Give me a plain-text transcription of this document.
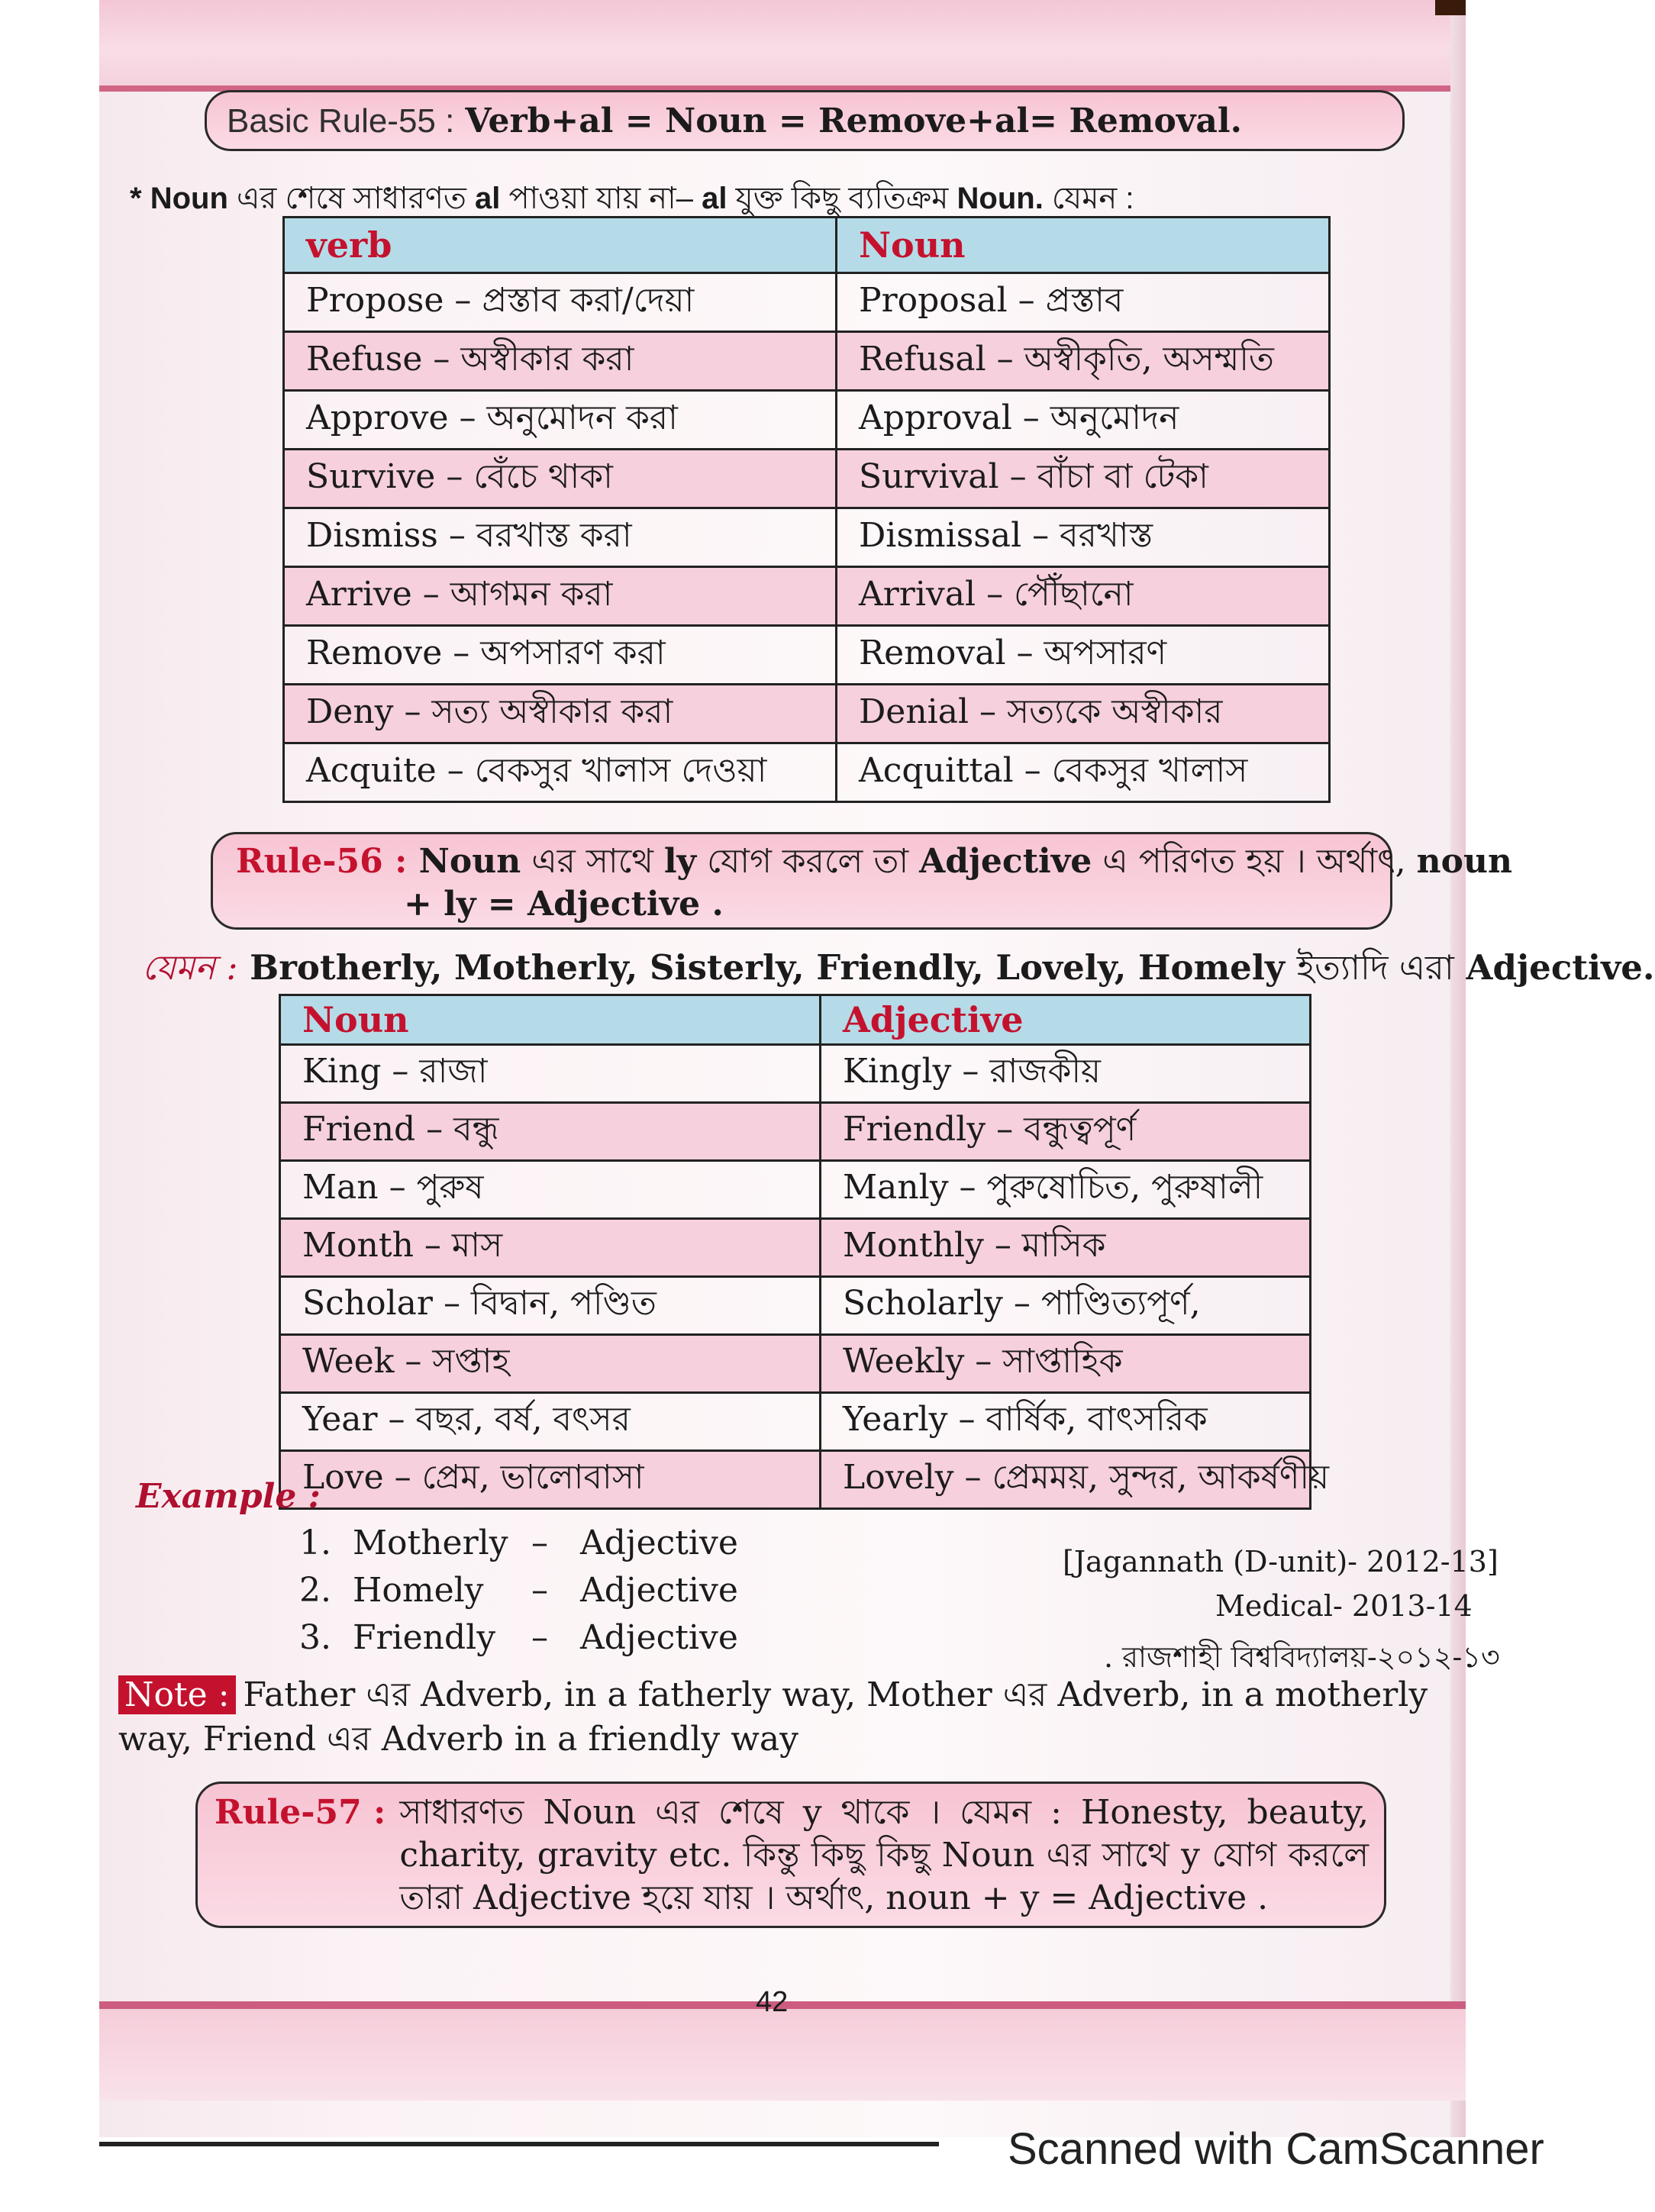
Basic Rule-55 : Verb+al = Noun = Remove+al= Removal.
* Noun এর শেষে সাধারণত al পাওয়া যায় না– al যুক্ত কিছু ব্যতিক্রম Noun. যেমন :
verb	Noun
Propose – প্রস্তাব করা/দেয়া	Proposal – প্রস্তাব
Refuse – অস্বীকার করা	Refusal – অস্বীকৃতি, অসম্মতি
Approve – অনুমোদন করা	Approval – অনুমোদন
Survive – বেঁচে থাকা	Survival – বাঁচা বা টেকা
Dismiss – বরখাস্ত করা	Dismissal – বরখাস্ত
Arrive – আগমন করা	Arrival – পৌঁছানো
Remove – অপসারণ করা	Removal – অপসারণ
Deny – সত্য অস্বীকার করা	Denial – সত্যকে অস্বীকার
Acquite – বেকসুর খালাস দেওয়া	Acquittal – বেকসুর খালাস
Rule-56 : Noun এর সাথে ly যোগ করলে তা Adjective এ পরিণত হয় । অর্থাৎ, noun
+ ly = Adjective .
যেমন : Brotherly, Motherly, Sisterly, Friendly, Lovely, Homely ইত্যাদি এরা Adjective.
Noun	Adjective
King – রাজা	Kingly – রাজকীয়
Friend – বন্ধু	Friendly – বন্ধুত্বপূর্ণ
Man – পুরুষ	Manly – পুরুষোচিত, পুরুষালী
Month – মাস	Monthly – মাসিক
Scholar – বিদ্বান, পণ্ডিত	Scholarly – পাণ্ডিত্যপূর্ণ,
Week – সপ্তাহ	Weekly – সাপ্তাহিক
Year – বছর, বর্ষ, বৎসর	Yearly – বার্ষিক, বাৎসরিক
Love – প্রেম, ভালোবাসা	Lovely – প্রেমময়, সুন্দর, আকর্ষণীয়
Example :
1. Motherly – Adjective
2. Homely – Adjective
3. Friendly – Adjective
[Jagannath (D-unit)- 2012-13]
Medical- 2013-14
. রাজশাহী বিশ্ববিদ্যালয়-২০১২-১৩
Note : Father এর Adverb, in a fatherly way, Mother এর Adverb, in a motherly way, Friend এর Adverb in a friendly way
Rule-57 : সাধারণত Noun এর শেষে y থাকে । যেমন : Honesty, beauty, charity, gravity etc. কিন্তু কিছু কিছু Noun এর সাথে y যোগ করলে তারা Adjective হয়ে যায় । অর্থাৎ, noun + y = Adjective .
42
Scanned with CamScanner
